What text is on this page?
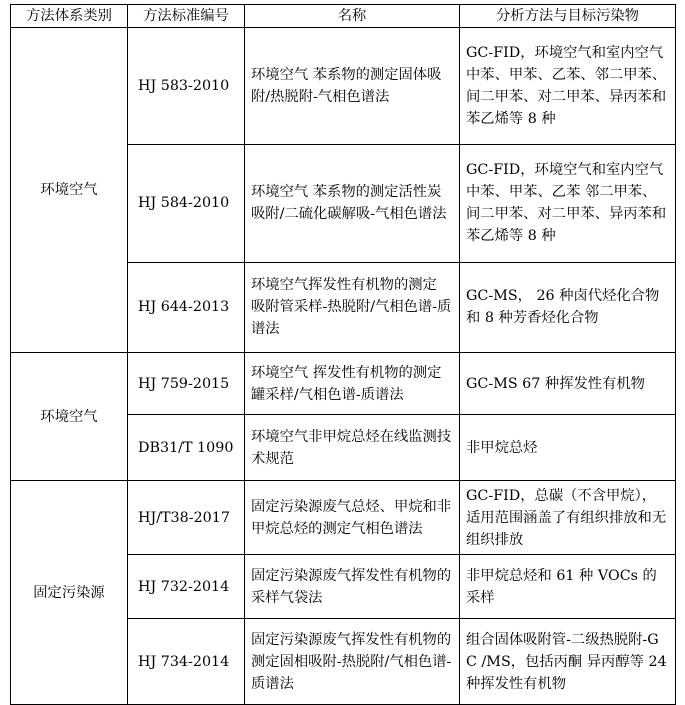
方法体系类别	方法标准编号	名称	分析方法与目标污染物
环境空气	HJ 583-2010	环境空气 苯系物的测定固体吸附/热脱附-气相色谱法	GC-FID，环境空气和室内空气中苯、甲苯、乙苯、邻二甲苯、间二甲苯、对二甲苯、异丙苯和苯乙烯等 8 种
	HJ 584-2010	环境空气 苯系物的测定活性炭吸附/二硫化碳解吸-气相色谱法	GC-FID，环境空气和室内空气中苯、甲苯、乙苯 邻二甲苯、间二甲苯、对二甲苯、异丙苯和苯乙烯等 8 种
	HJ 644-2013	环境空气挥发性有机物的测定 吸附管采样-热脱附/气相色谱-质谱法	GC-MS， 26 种卤代烃化合物和 8 种芳香烃化合物
环境空气	HJ 759-2015	环境空气 挥发性有机物的测定 罐采样/气相色谱-质谱法	GC-MS 67 种挥发性有机物
	DB31/T 1090	环境空气非甲烷总烃在线监测技术规范	非甲烷总烃
固定污染源	HJ/T38-2017	固定污染源废气总烃、甲烷和非甲烷总烃的测定气相色谱法	GC-FID，总碳（不含甲烷），适用范围涵盖了有组织排放和无组织排放
	HJ 732-2014	固定污染源废气挥发性有机物的采样气袋法	非甲烷总烃和 61 种 VOCs 的采样
	HJ 734-2014	固定污染源废气挥发性有机物的测定固相吸附-热脱附/气相色谱-质谱法	组合固体吸附管-二级热脱附-GC /MS，包括丙酮 异丙醇等 24 种挥发性有机物
